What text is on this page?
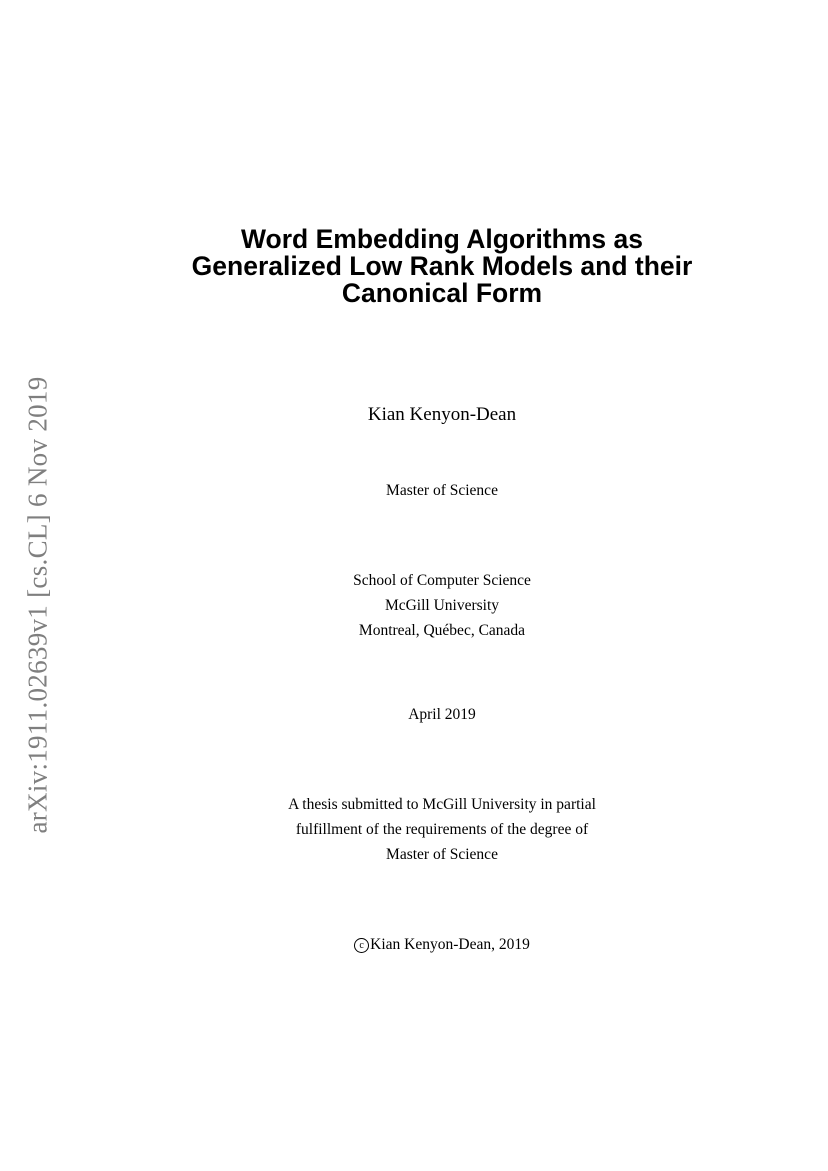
arXiv:1911.02639v1 [cs.CL] 6 Nov 2019
Word Embedding Algorithms as
Generalized Low Rank Models and their
Canonical Form
Kian Kenyon-Dean
Master of Science
School of Computer Science
McGill University
Montreal, Québec, Canada
April 2019
A thesis submitted to McGill University in partial
fulfillment of the requirements of the degree of
Master of Science
c Kian Kenyon-Dean, 2019
